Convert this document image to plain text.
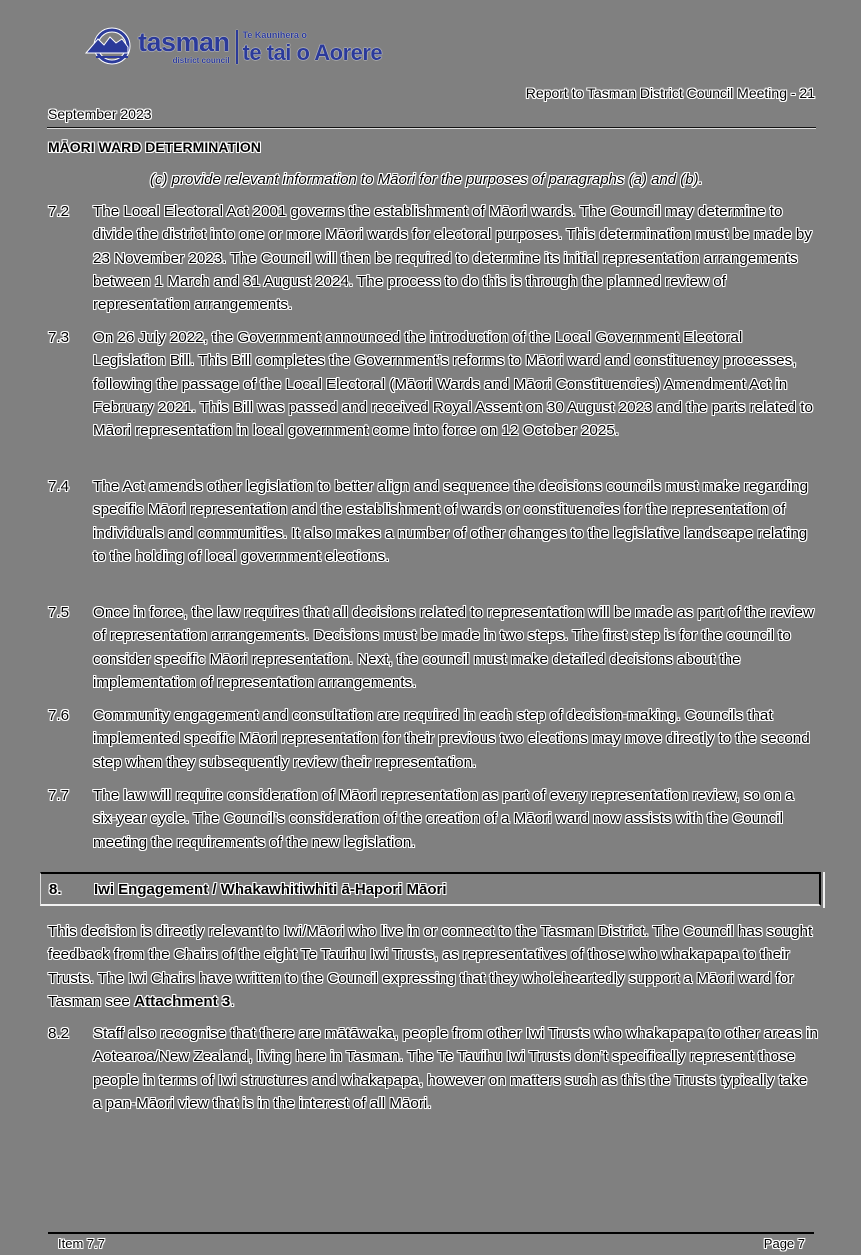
tasman
district council
Te Kaunihera o
te tai o Aorere
Report to Tasman District Council Meeting - 21
September 2023
MĀORI WARD DETERMINATION
(c) provide relevant information to Māori for the purposes of paragraphs (a) and (b).
7.2	The Local Electoral Act 2001 governs the establishment of Māori wards. The Council may determine to divide the district into one or more Māori wards for electoral purposes. This determination must be made by 23 November 2023. The Council will then be required to determine its initial representation arrangements between 1 March and 31 August 2024. The process to do this is through the planned review of representation arrangements.
7.3	On 26 July 2022, the Government announced the introduction of the Local Government Electoral Legislation Bill. This Bill completes the Government’s reforms to Māori ward and constituency processes, following the passage of the Local Electoral (Māori Wards and Māori Constituencies) Amendment Act in February 2021. This Bill was passed and received Royal Assent on 30 August 2023 and the parts related to Māori representation in local government come into force on 12 October 2025.
7.4	The Act amends other legislation to better align and sequence the decisions councils must make regarding specific Māori representation and the establishment of wards or constituencies for the representation of individuals and communities. It also makes a number of other changes to the legislative landscape relating to the holding of local government elections.
7.5	Once in force, the law requires that all decisions related to representation will be made as part of the review of representation arrangements. Decisions must be made in two steps. The first step is for the council to consider specific Māori representation. Next, the council must make detailed decisions about the implementation of representation arrangements.
7.6	Community engagement and consultation are required in each step of decision-making. Councils that implemented specific Māori representation for their previous two elections may move directly to the second step when they subsequently review their representation.
7.7	The law will require consideration of Māori representation as part of every representation review, so on a six-year cycle. The Council’s consideration of the creation of a Māori ward now assists with the Council meeting the requirements of the new legislation.
8.	Iwi Engagement / Whakawhitiwhiti ā-Hapori Māori
This decision is directly relevant to Iwi/Māori who live in or connect to the Tasman District. The Council has sought feedback from the Chairs of the eight Te Tauihu Iwi Trusts, as representatives of those who whakapapa to their Trusts. The Iwi Chairs have written to the Council expressing that they wholeheartedly support a Māori ward for Tasman see Attachment 3.
8.2	Staff also recognise that there are mātāwaka, people from other Iwi Trusts who whakapapa to other areas in Aotearoa/New Zealand, living here in Tasman. The Te Tauihu Iwi Trusts don’t specifically represent those people in terms of Iwi structures and whakapapa, however on matters such as this the Trusts typically take a pan-Māori view that is in the interest of all Māori.
Item 7.7	Page 7
